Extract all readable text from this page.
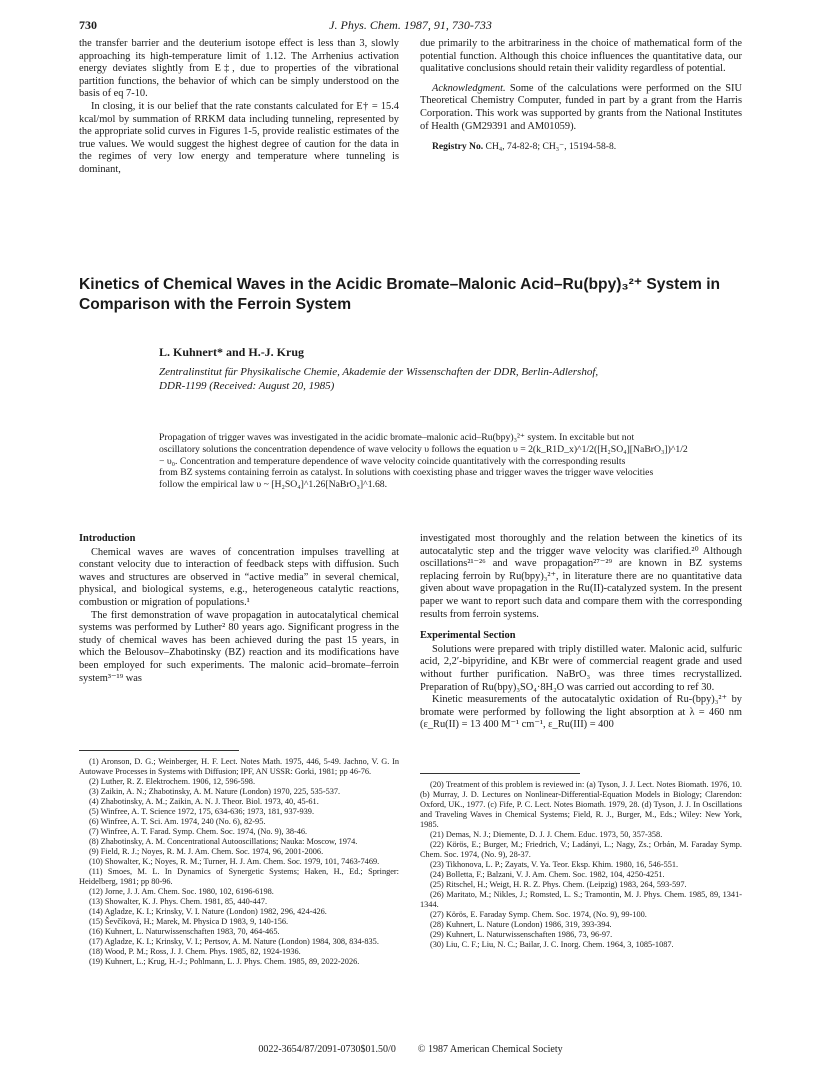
730	J. Phys. Chem. 1987, 91, 730-733

the transfer barrier and the deuterium isotope effect is less than 3, slowly approaching its high-temperature limit of 1.12. The Arrhenius activation energy deviates slightly from E‡, due to properties of the vibrational partition functions, the behavior of which can be simply understood on the basis of eq 7-10.

In closing, it is our belief that the rate constants calculated for E† = 15.4 kcal/mol by summation of RRKM data including tunneling, represented by the appropriate solid curves in Figures 1-5, provide realistic estimates of the true values. We would suggest the highest degree of caution for the data in the regimes of very low energy and temperature where tunneling is dominant,

due primarily to the arbitrariness in the choice of mathematical form of the potential function. Although this choice influences the quantitative data, our qualitative conclusions should retain their validity regardless of potential.

Acknowledgment. Some of the calculations were performed on the SIU Theoretical Chemistry Computer, funded in part by a grant from the Harris Corporation. This work was supported by grants from the National Institutes of Health (GM29391 and AM01059).

Registry No. CH₄, 74-82-8; CH₃⁻, 15194-58-8.

Kinetics of Chemical Waves in the Acidic Bromate–Malonic Acid–Ru(bpy)₃²⁺ System in
Comparison with the Ferroin System
L. Kuhnert* and H.-J. Krug
Zentralinstitut für Physikalische Chemie, Akademie der Wissenschaften der DDR, Berlin-Adlershof,
DDR-1199 (Received: August 20, 1985)
Propagation of trigger waves was investigated in the acidic bromate–malonic acid–Ru(bpy)₃²⁺ system. In excitable but not
oscillatory solutions the concentration dependence of wave velocity υ follows the equation υ = 2(k_R1D_x)^1/2([H₂SO₄][NaBrO₃])^1/2
− υ₀. Concentration and temperature dependence of wave velocity coincide quantitatively with the corresponding results
from BZ systems containing ferroin as catalyst. In solutions with coexisting phase and trigger waves the trigger wave velocities
follow the empirical law υ ~ [H₂SO₄]^1.26[NaBrO₃]^1.68.

Introduction

Chemical waves are waves of concentration impulses travelling at constant velocity due to interaction of feedback steps with diffusion. Such waves and structures are observed in “active media” in several chemical, physical, and biological systems, e.g., heterogeneous catalytic reactions, combustion or migration of populations.¹

The first demonstration of wave propagation in autocatalytical chemical systems was performed by Luther² 80 years ago. Significant progress in the study of chemical waves has been achieved during the past 15 years, in which the Belousov–Zhabotinsky (BZ) reaction and its modifications have been employed for such experiments. The malonic acid–bromate–ferroin system³⁻¹⁹ was

investigated most thoroughly and the relation between the kinetics of its autocatalytic step and the trigger wave velocity was clarified.²⁰ Although oscillations²¹⁻²⁶ and wave propagation²⁷⁻²⁹ are known in BZ systems replacing ferroin by Ru(bpy)₃²⁺, in literature there are no quantitative data given about wave propagation in the Ru(II)-catalyzed system. In the present paper we want to report such data and compare them with the corresponding results from ferroin systems.

Experimental Section

Solutions were prepared with triply distilled water. Malonic acid, sulfuric acid, 2,2′-bipyridine, and KBr were of commercial reagent grade and used without further purification. NaBrO₃ was three times recrystallized. Preparation of Ru(bpy)₃SO₄·8H₂O was carried out according to ref 30.

Kinetic measurements of the autocatalytic oxidation of Ru-(bpy)₃²⁺ by bromate were performed by following the light absorption at λ = 460 nm (ε_Ru(II) = 13 400 M⁻¹ cm⁻¹, ε_Ru(III) = 400

(1) Aronson, D. G.; Weinberger, H. F. Lect. Notes Math. 1975, 446, 5-49. Jachno, V. G. In Autowave Processes in Systems with Diffusion; IPF, AN USSR: Gorki, 1981; pp 46-76.

(2) Luther, R. Z. Elektrochem. 1906, 12, 596-598.

(3) Zaikin, A. N.; Zhabotinsky, A. M. Nature (London) 1970, 225, 535-537.

(4) Zhabotinsky, A. M.; Zaikin, A. N. J. Theor. Biol. 1973, 40, 45-61.

(5) Winfree, A. T. Science 1972, 175, 634-636; 1973, 181, 937-939.

(6) Winfree, A. T. Sci. Am. 1974, 240 (No. 6), 82-95.

(7) Winfree, A. T. Farad. Symp. Chem. Soc. 1974, (No. 9), 38-46.

(8) Zhabotinsky, A. M. Concentrational Autooscillations; Nauka: Moscow, 1974.

(9) Field, R. J.; Noyes, R. M. J. Am. Chem. Soc. 1974, 96, 2001-2006.

(10) Showalter, K.; Noyes, R. M.; Turner, H. J. Am. Chem. Soc. 1979, 101, 7463-7469.

(11) Smoes, M. L. In Dynamics of Synergetic Systems; Haken, H., Ed.; Springer: Heidelberg, 1981; pp 80-96.

(12) Jorne, J. J. Am. Chem. Soc. 1980, 102, 6196-6198.

(13) Showalter, K. J. Phys. Chem. 1981, 85, 440-447.

(14) Agladze, K. I.; Krinsky, V. I. Nature (London) 1982, 296, 424-426.

(15) Ševčíková, H.; Marek, M. Physica D 1983, 9, 140-156.

(16) Kuhnert, L. Naturwissenschaften 1983, 70, 464-465.

(17) Agladze, K. I.; Krinsky, V. I.; Pertsov, A. M. Nature (London) 1984, 308, 834-835.

(18) Wood, P. M.; Ross, J. J. Chem. Phys. 1985, 82, 1924-1936.

(19) Kuhnert, L.; Krug, H.-J.; Pohlmann, L. J. Phys. Chem. 1985, 89, 2022-2026.

(20) Treatment of this problem is reviewed in: (a) Tyson, J. J. Lect. Notes Biomath. 1976, 10. (b) Murray, J. D. Lectures on Nonlinear-Differential-Equation Models in Biology; Clarendon: Oxford, UK., 1977. (c) Fife, P. C. Lect. Notes Biomath. 1979, 28. (d) Tyson, J. J. In Oscillations and Traveling Waves in Chemical Systems; Field, R. J., Burger, M., Eds.; Wiley: New York, 1985.

(21) Demas, N. J.; Diemente, D. J. J. Chem. Educ. 1973, 50, 357-358.

(22) Körös, E.; Burger, M.; Friedrich, V.; Ladányi, L.; Nagy, Zs.; Orbán, M. Faraday Symp. Chem. Soc. 1974, (No. 9), 28-37.

(23) Tikhonova, L. P.; Zayats, V. Ya. Teor. Eksp. Khim. 1980, 16, 546-551.

(24) Bolletta, F.; Balzani, V. J. Am. Chem. Soc. 1982, 104, 4250-4251.

(25) Ritschel, H.; Weigt, H. R. Z. Phys. Chem. (Leipzig) 1983, 264, 593-597.

(26) Maritato, M.; Nikles, J.; Romsted, L. S.; Tramontin, M. J. Phys. Chem. 1985, 89, 1341-1344.

(27) Körös, E. Faraday Symp. Chem. Soc. 1974, (No. 9), 99-100.

(28) Kuhnert, L. Nature (London) 1986, 319, 393-394.

(29) Kuhnert, L. Naturwissenschaften 1986, 73, 96-97.

(30) Liu, C. F.; Liu, N. C.; Bailar, J. C. Inorg. Chem. 1964, 3, 1085-1087.

0022-3654/87/2091-0730$01.50/0 © 1987 American Chemical Society
